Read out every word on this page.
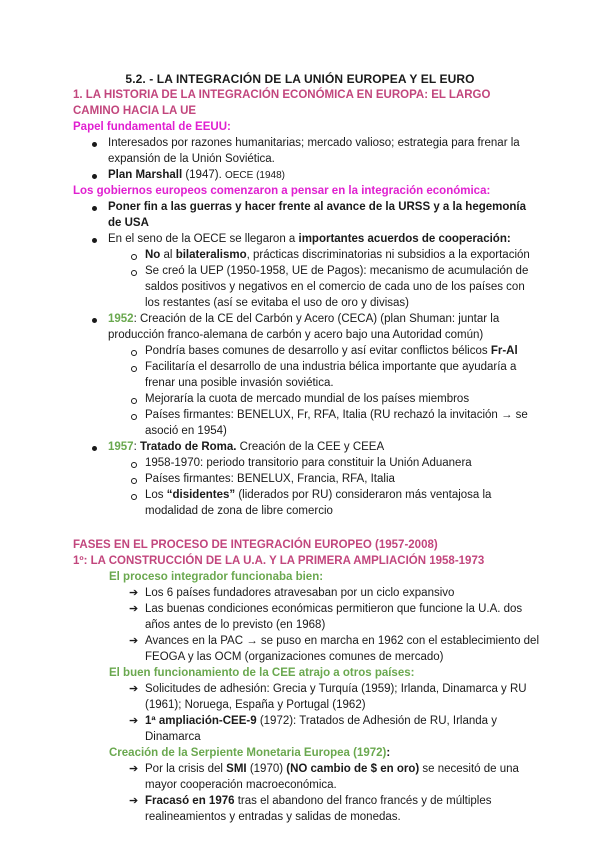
5.2. - LA INTEGRACIÓN DE LA UNIÓN EUROPEA Y EL EURO
1. LA HISTORIA DE LA INTEGRACIÓN ECONÓMICA EN EUROPA: EL LARGO
CAMINO HACIA LA UE
Papel fundamental de EEUU:
Interesados por razones humanitarias; mercado valioso; estrategia para frenar la
expansión de la Unión Soviética.
Plan Marshall (1947). OECE (1948)
Los gobiernos europeos comenzaron a pensar en la integración económica:
Poner fin a las guerras y hacer frente al avance de la URSS y a la hegemonía
de USA
En el seno de la OECE se llegaron a importantes acuerdos de cooperación:
No al bilateralismo, prácticas discriminatorias ni subsidios a la exportación
Se creó la UEP (1950-1958, UE de Pagos): mecanismo de acumulación de
saldos positivos y negativos en el comercio de cada uno de los países con
los restantes (así se evitaba el uso de oro y divisas)
1952: Creación de la CE del Carbón y Acero (CECA) (plan Shuman: juntar la
producción franco-alemana de carbón y acero bajo una Autoridad común)
Pondría bases comunes de desarrollo y así evitar conflictos bélicos Fr-Al
Facilitaría el desarrollo de una industria bélica importante que ayudaría a
frenar una posible invasión soviética.
Mejoraría la cuota de mercado mundial de los países miembros
Países firmantes: BENELUX, Fr, RFA, Italia (RU rechazó la invitación → se
asoció en 1954)
1957: Tratado de Roma. Creación de la CEE y CEEA
1958-1970: periodo transitorio para constituir la Unión Aduanera
Países firmantes: BENELUX, Francia, RFA, Italia
Los “disidentes” (liderados por RU) consideraron más ventajosa la
modalidad de zona de libre comercio
FASES EN EL PROCESO DE INTEGRACIÓN EUROPEO (1957-2008)
1º: LA CONSTRUCCIÓN DE LA U.A. Y LA PRIMERA AMPLIACIÓN 1958-1973
El proceso integrador funcionaba bien:
➔ Los 6 países fundadores atravesaban por un ciclo expansivo
➔ Las buenas condiciones económicas permitieron que funcione la U.A. dos
años antes de lo previsto (en 1968)
➔ Avances en la PAC → se puso en marcha en 1962 con el establecimiento del
FEOGA y las OCM (organizaciones comunes de mercado)
El buen funcionamiento de la CEE atrajo a otros países:
➔ Solicitudes de adhesión: Grecia y Turquía (1959); Irlanda, Dinamarca y RU
(1961); Noruega, España y Portugal (1962)
➔ 1ª ampliación-CEE-9 (1972): Tratados de Adhesión de RU, Irlanda y
Dinamarca
Creación de la Serpiente Monetaria Europea (1972):
➔ Por la crisis del SMI (1970) (NO cambio de $ en oro) se necesitó de una
mayor cooperación macroeconómica.
➔ Fracasó en 1976 tras el abandono del franco francés y de múltiples
realineamientos y entradas y salidas de monedas.
